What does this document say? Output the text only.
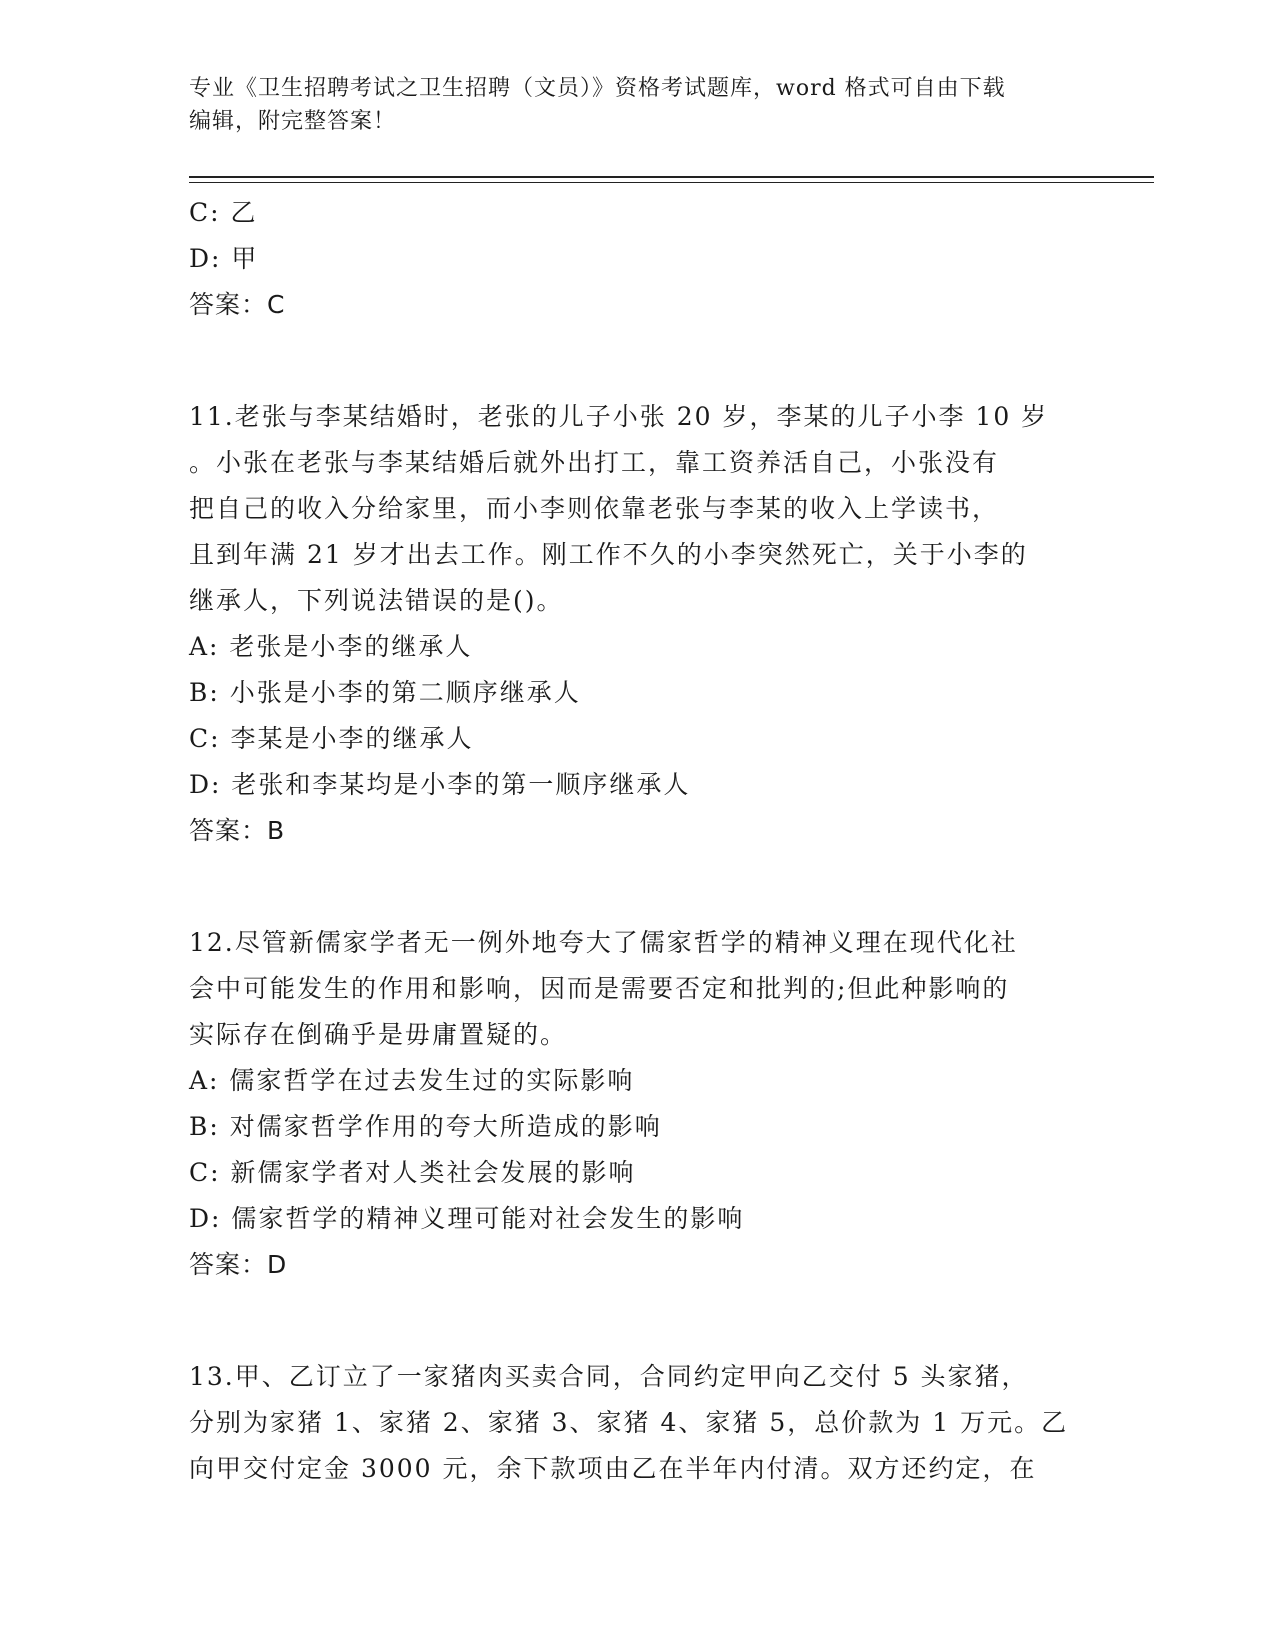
专业《卫生招聘考试之卫生招聘（文员）》资格考试题库，word 格式可自由下载
编辑，附完整答案！
C: 乙
D: 甲
答案：C
11.老张与李某结婚时，老张的儿子小张 20 岁，李某的儿子小李 10 岁
。小张在老张与李某结婚后就外出打工，靠工资养活自己，小张没有
把自己的收入分给家里，而小李则依靠老张与李某的收入上学读书，
且到年满 21 岁才出去工作。刚工作不久的小李突然死亡，关于小李的
继承人，下列说法错误的是()。
A: 老张是小李的继承人
B: 小张是小李的第二顺序继承人
C: 李某是小李的继承人
D: 老张和李某均是小李的第一顺序继承人
答案：B
12.尽管新儒家学者无一例外地夸大了儒家哲学的精神义理在现代化社
会中可能发生的作用和影响，因而是需要否定和批判的;但此种影响的
实际存在倒确乎是毋庸置疑的。
A: 儒家哲学在过去发生过的实际影响
B: 对儒家哲学作用的夸大所造成的影响
C: 新儒家学者对人类社会发展的影响
D: 儒家哲学的精神义理可能对社会发生的影响
答案：D
13.甲、乙订立了一家猪肉买卖合同，合同约定甲向乙交付 5 头家猪，
分别为家猪 1、家猪 2、家猪 3、家猪 4、家猪 5，总价款为 1 万元。乙
向甲交付定金 3000 元，余下款项由乙在半年内付清。双方还约定，在
